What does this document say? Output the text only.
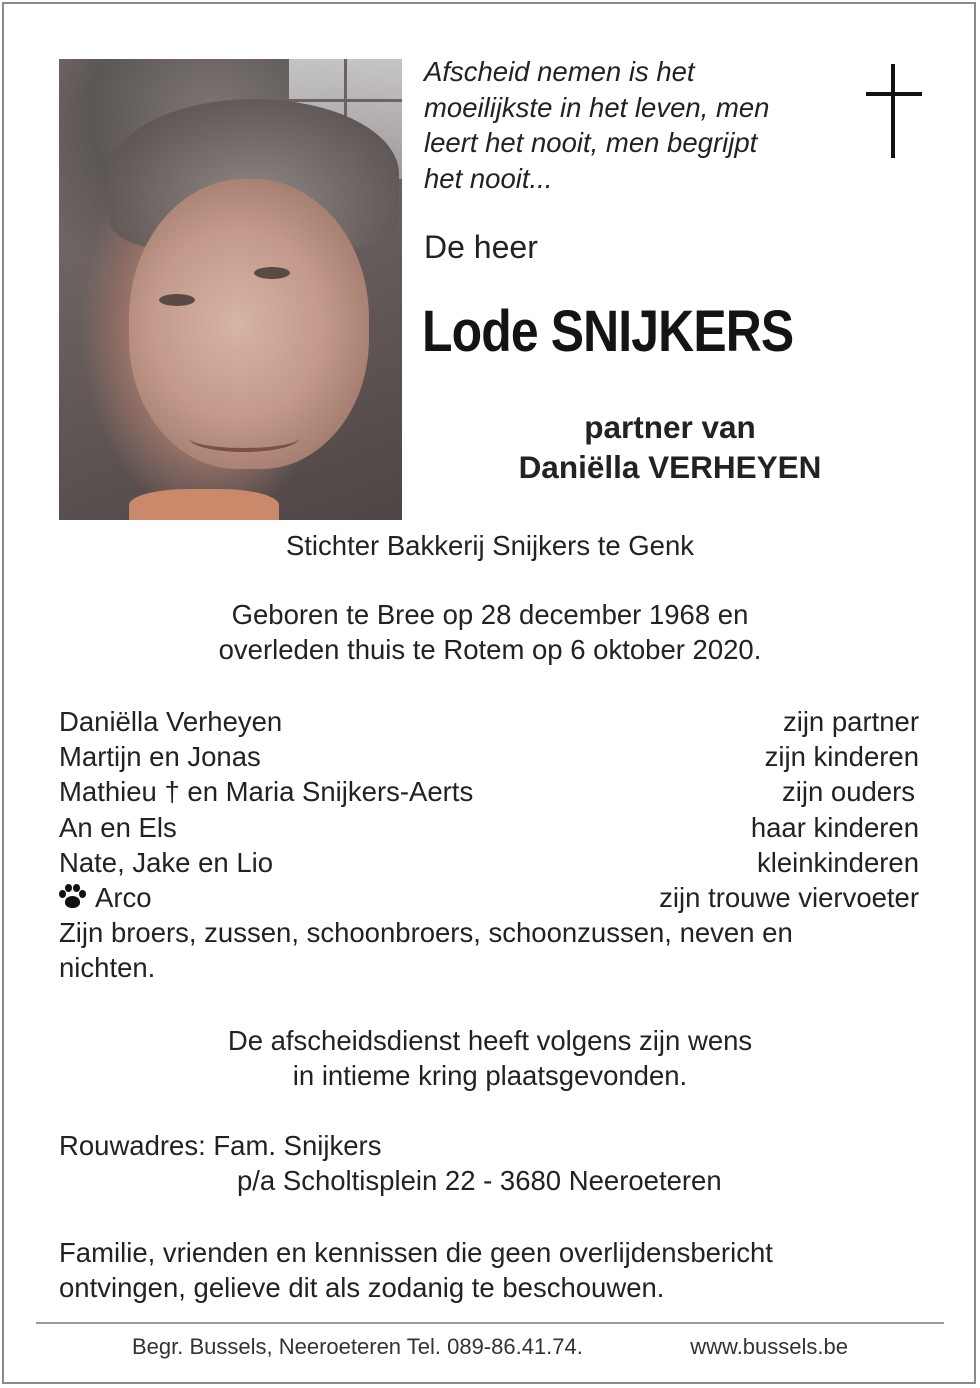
Afscheid nemen is het
moeilijkste in het leven, men
leert het nooit, men begrijpt
het nooit...
De heer
Lode SNIJKERS
partner van
Daniëlla VERHEYEN
Stichter Bakkerij Snijkers te Genk
Geboren te Bree op 28 december 1968 en
overleden thuis te Rotem op 6 oktober 2020.
Daniëlla Verheyen	zijn partner
Martijn en Jonas	zijn kinderen
Mathieu † en Maria Snijkers-Aerts	zijn ouders
An en Els	haar kinderen
Nate, Jake en Lio	kleinkinderen
Arco	zijn trouwe viervoeter
Zijn broers, zussen, schoonbroers, schoonzussen, neven en
nichten.
De afscheidsdienst heeft volgens zijn wens
in intieme kring plaatsgevonden.
Rouwadres: Fam. Snijkers
p/a Scholtisplein 22 - 3680 Neeroeteren
Familie, vrienden en kennissen die geen overlijdensbericht
ontvingen, gelieve dit als zodanig te beschouwen.
Begr. Bussels, Neeroeteren Tel. 089-86.41.74.	www.bussels.be
